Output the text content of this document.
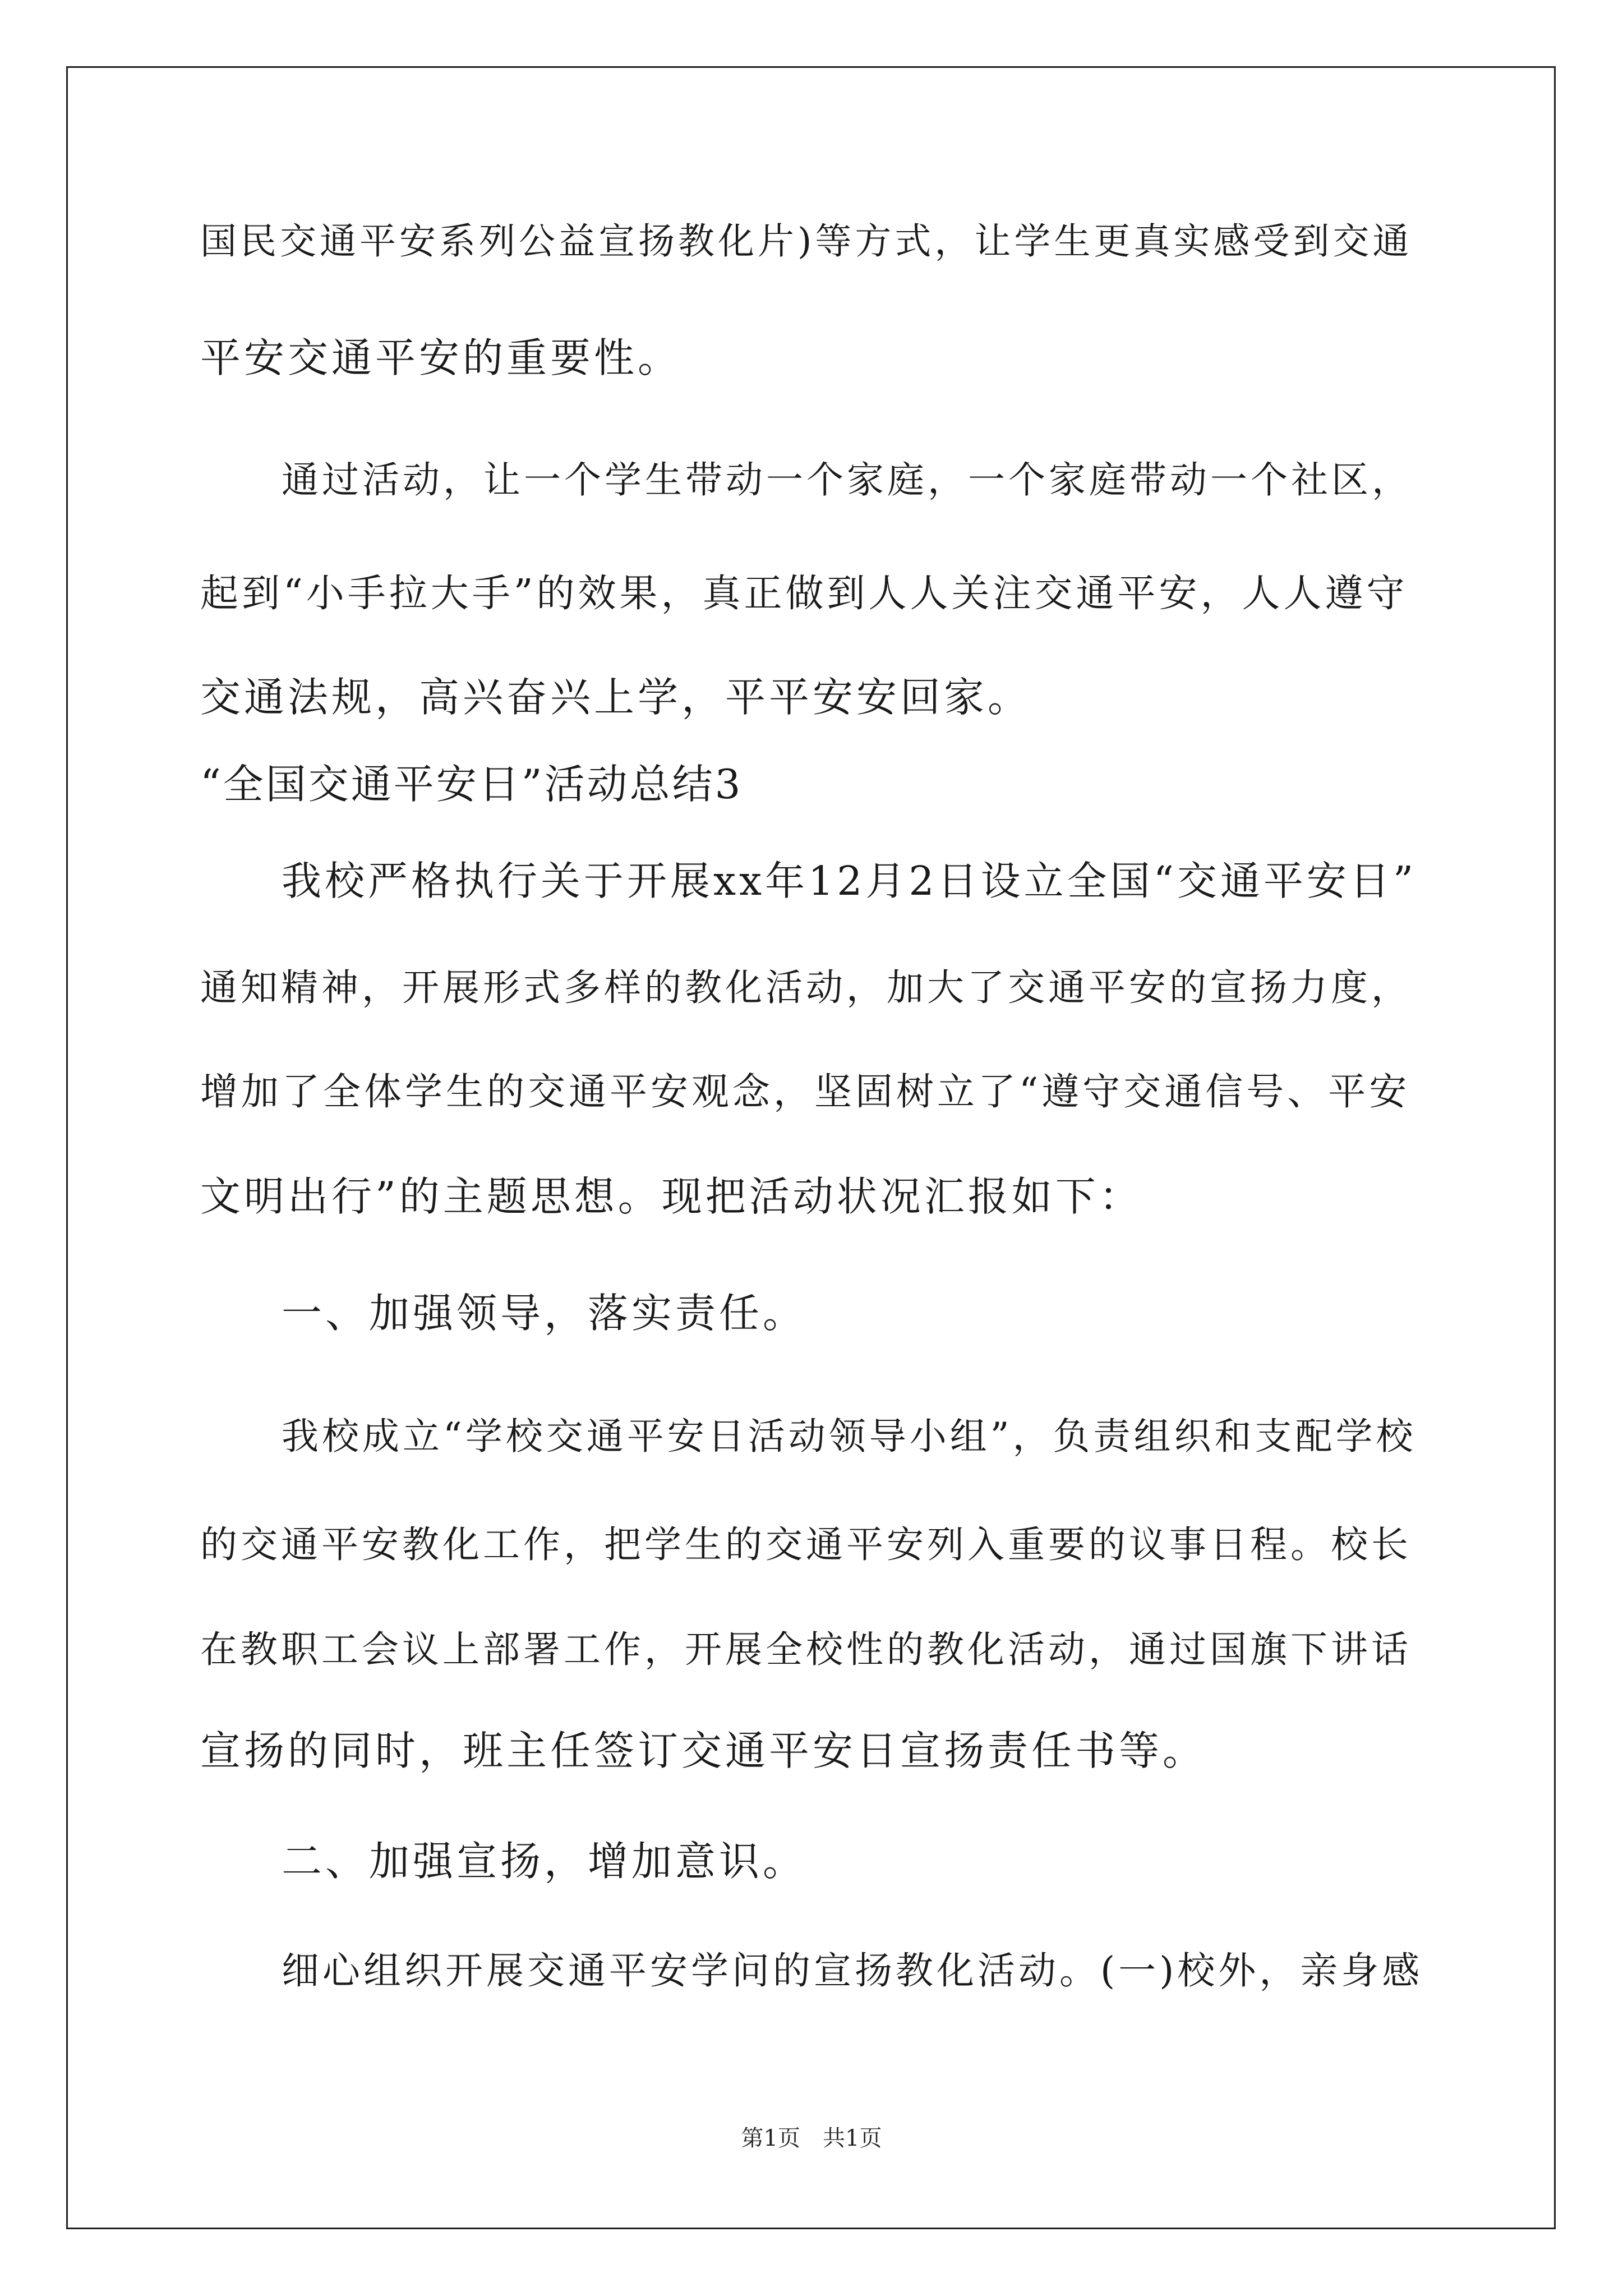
国民交通平安系列公益宣扬教化片)等方式，让学生更真实感受到交通
平安交通平安的重要性。
通过活动，让一个学生带动一个家庭，一个家庭带动一个社区，
起到“小手拉大手”的效果，真正做到人人关注交通平安，人人遵守
交通法规，高兴奋兴上学，平平安安回家。
“全国交通平安日”活动总结3
我校严格执行关于开展xx年12月2日设立全国“交通平安日”
通知精神，开展形式多样的教化活动，加大了交通平安的宣扬力度，
增加了全体学生的交通平安观念，坚固树立了“遵守交通信号、平安
文明出行”的主题思想。现把活动状况汇报如下：
一、加强领导，落实责任。
我校成立“学校交通平安日活动领导小组”，负责组织和支配学校
的交通平安教化工作，把学生的交通平安列入重要的议事日程。校长
在教职工会议上部署工作，开展全校性的教化活动，通过国旗下讲话
宣扬的同时，班主任签订交通平安日宣扬责任书等。
二、加强宣扬，增加意识。
细心组织开展交通平安学问的宣扬教化活动。(一)校外，亲身感
第1页　共1页
